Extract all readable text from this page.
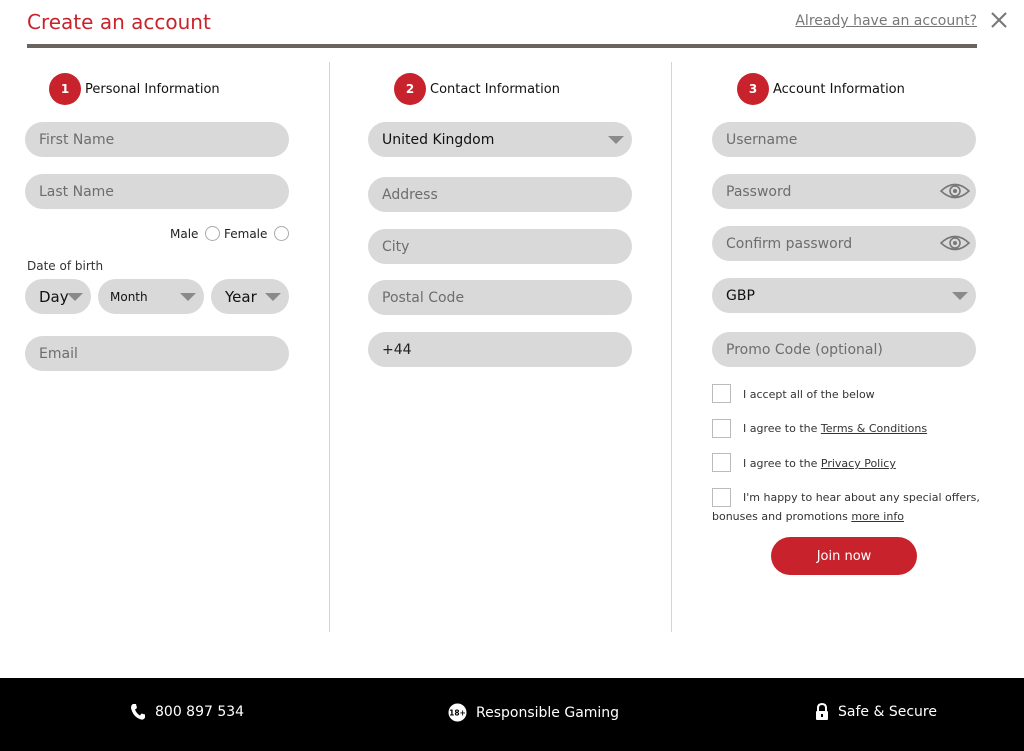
Create an account	Already have an account?
1	Personal Information
First Name
Last Name
Male Female
Date of birth
Day	Month	Year
Email
2	Contact Information
United Kingdom
Address
City
Postal Code
+44
3	Account Information
Username
GBP
Promo Code (optional)
I accept all of the below
I agree to the Terms & Conditions
I agree to the Privacy Policy
I'm happy to hear about any special offers,
bonuses and promotions more info
Join now
800 897 534	18+ Responsible Gaming	Safe & Secure
